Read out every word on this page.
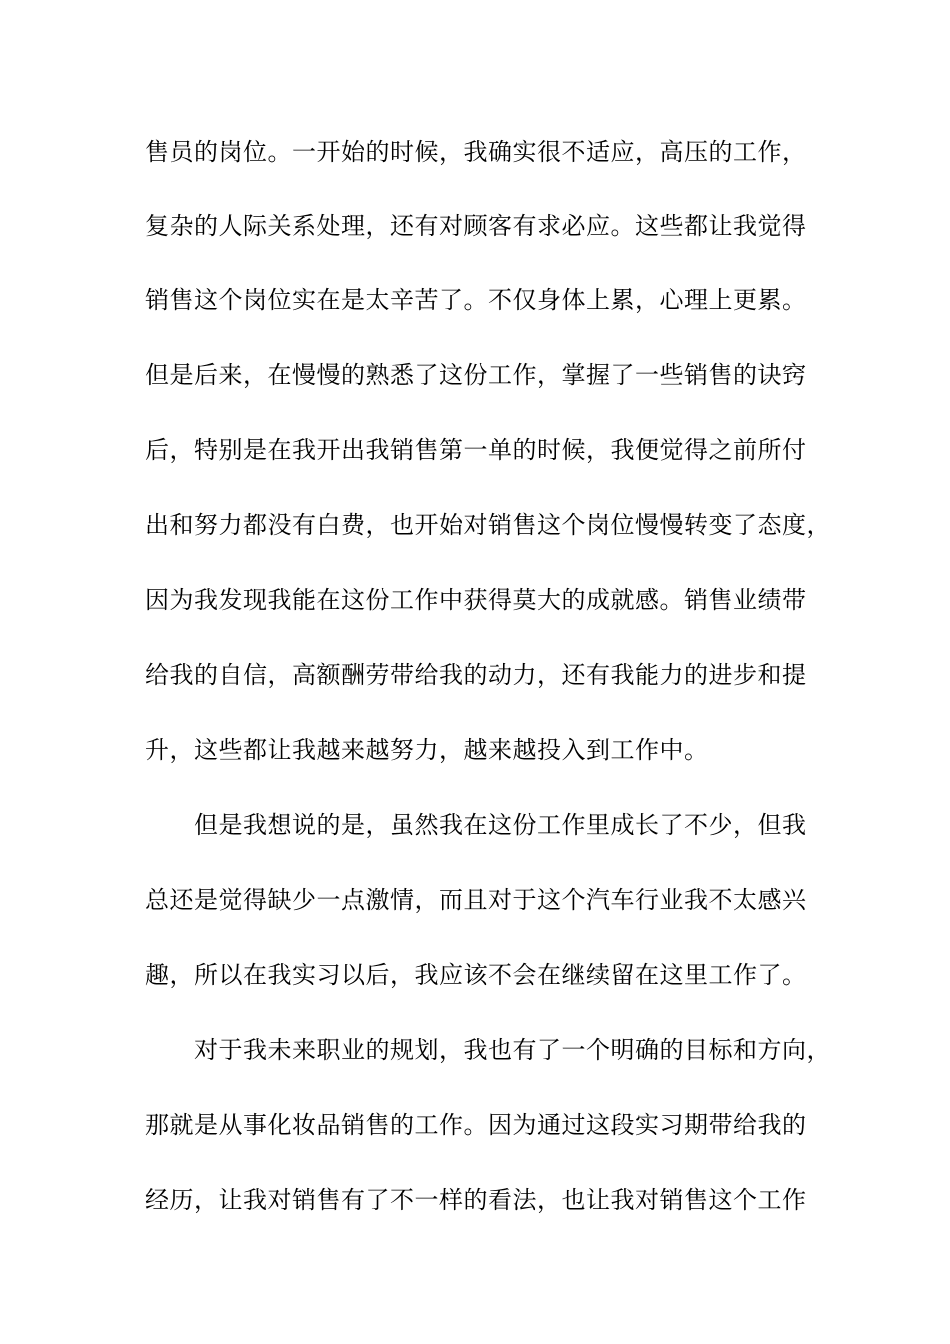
售员的岗位。一开始的时候，我确实很不适应，高压的工作，
复杂的人际关系处理，还有对顾客有求必应。这些都让我觉得
销售这个岗位实在是太辛苦了。不仅身体上累，心理上更累。
但是后来，在慢慢的熟悉了这份工作，掌握了一些销售的诀窍
后，特别是在我开出我销售第一单的时候，我便觉得之前所付
出和努力都没有白费，也开始对销售这个岗位慢慢转变了态度，
因为我发现我能在这份工作中获得莫大的成就感。销售业绩带
给我的自信，高额酬劳带给我的动力，还有我能力的进步和提
升，这些都让我越来越努力，越来越投入到工作中。
但是我想说的是，虽然我在这份工作里成长了不少，但我
总还是觉得缺少一点激情，而且对于这个汽车行业我不太感兴
趣，所以在我实习以后，我应该不会在继续留在这里工作了。
对于我未来职业的规划，我也有了一个明确的目标和方向，
那就是从事化妆品销售的工作。因为通过这段实习期带给我的
经历，让我对销售有了不一样的看法，也让我对销售这个工作
